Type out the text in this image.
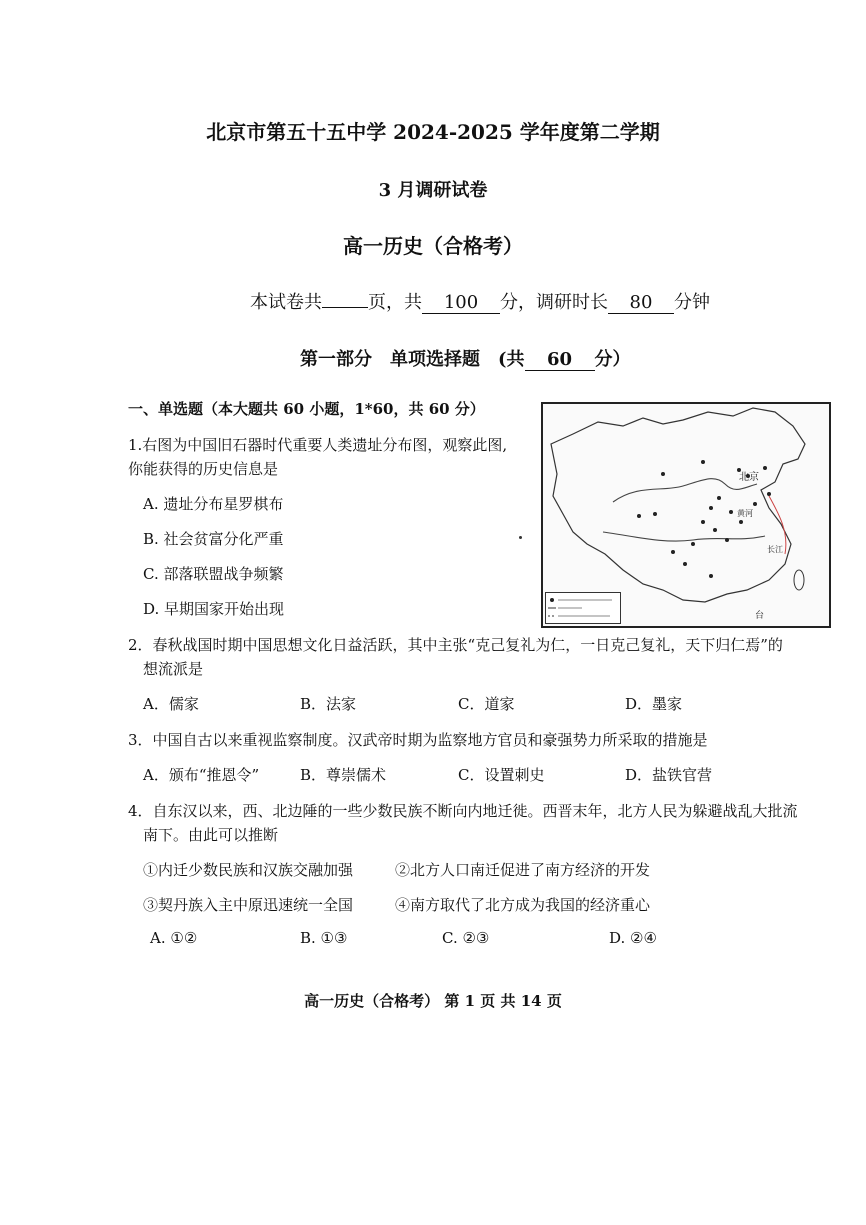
北京市第五十五中学 2024-2025 学年度第二学期
3 月调研试卷
高一历史（合格考）
本试卷共	页，共 100 分，调研时长 80 分钟
第一部分　单项选择题　(共 60 分）
一、单选题（本大题共 60 小题，1*60，共 60 分）
1.右图为中国旧石器时代重要人类遗址分布图，观察此图,
你能获得的历史信息是
A. 遗址分布星罗棋布
B. 社会贫富分化严重
C. 部落联盟战争频繁
D. 早期国家开始出现
北京
黄河
长江
台
2．春秋战国时期中国思想文化日益活跃，其中主张“克己复礼为仁，一日克己复礼，天下归仁焉”的
想流派是
A．儒家	B．法家	C．道家	D．墨家
3．中国自古以来重视监察制度。汉武帝时期为监察地方官员和豪强势力所采取的措施是
A．颁布“推恩令”	B．尊崇儒术	C．设置刺史	D．盐铁官营
4．自东汉以来，西、北边陲的一些少数民族不断向内地迁徙。西晋末年，北方人民为躲避战乱大批流
南下。由此可以推断
①内迁少数民族和汉族交融加强	②北方人口南迁促进了南方经济的开发
③契丹族入主中原迅速统一全国	④南方取代了北方成为我国的经济重心
A. ①②	B. ①③	C. ②③	D. ②④
高一历史（合格考） 第 1 页 共 14 页
